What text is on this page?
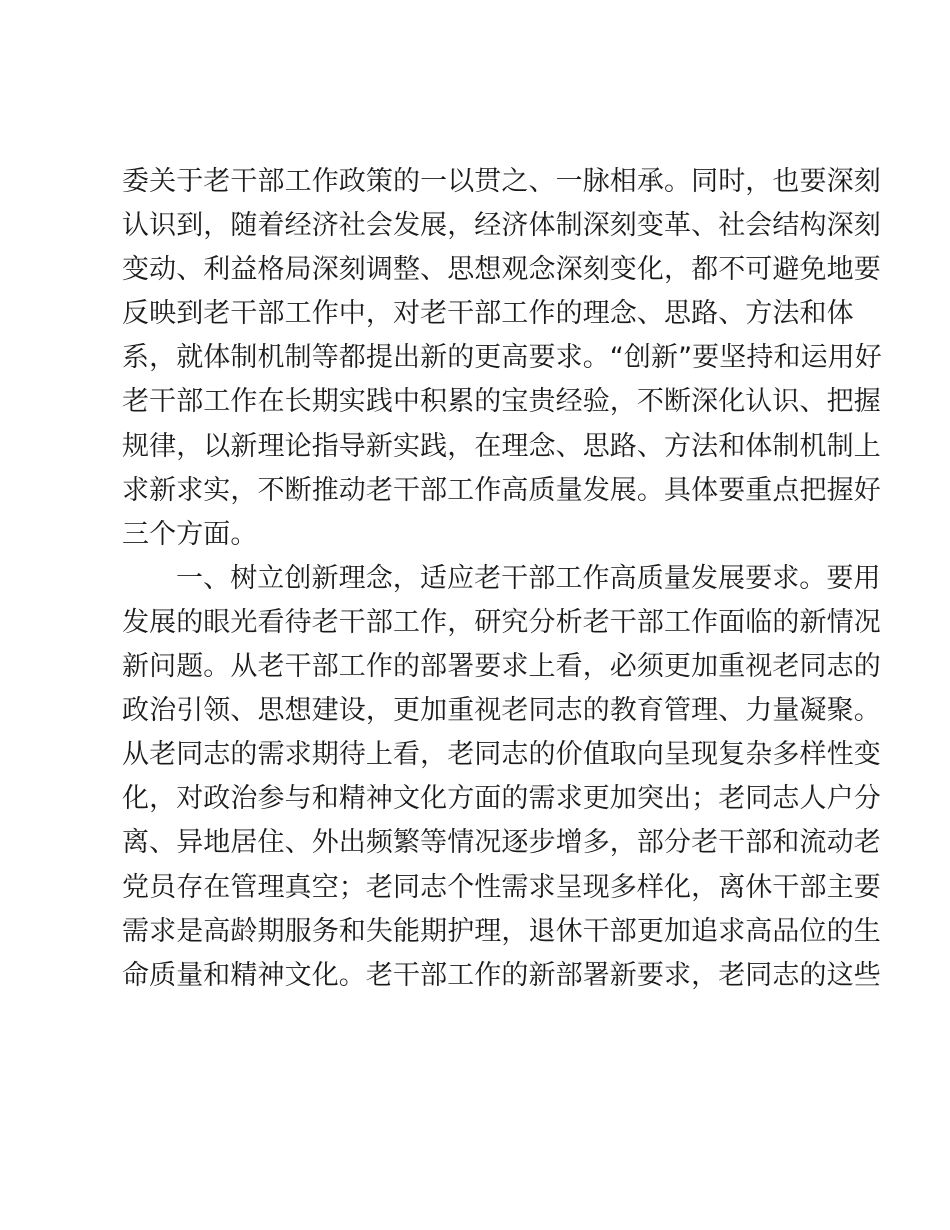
委关于老干部工作政策的一以贯之、一脉相承。同时，也要深刻
认识到，随着经济社会发展，经济体制深刻变革、社会结构深刻
变动、利益格局深刻调整、思想观念深刻变化，都不可避免地要
反映到老干部工作中，对老干部工作的理念、思路、方法和体
系，就体制机制等都提出新的更高要求。“创新”要坚持和运用好
老干部工作在长期实践中积累的宝贵经验，不断深化认识、把握
规律，以新理论指导新实践，在理念、思路、方法和体制机制上
求新求实，不断推动老干部工作高质量发展。具体要重点把握好
三个方面。
一、树立创新理念，适应老干部工作高质量发展要求。要用
发展的眼光看待老干部工作，研究分析老干部工作面临的新情况
新问题。从老干部工作的部署要求上看，必须更加重视老同志的
政治引领、思想建设，更加重视老同志的教育管理、力量凝聚。
从老同志的需求期待上看，老同志的价值取向呈现复杂多样性变
化，对政治参与和精神文化方面的需求更加突出；老同志人户分
离、异地居住、外出频繁等情况逐步增多，部分老干部和流动老
党员存在管理真空；老同志个性需求呈现多样化，离休干部主要
需求是高龄期服务和失能期护理，退休干部更加追求高品位的生
命质量和精神文化。老干部工作的新部署新要求，老同志的这些
